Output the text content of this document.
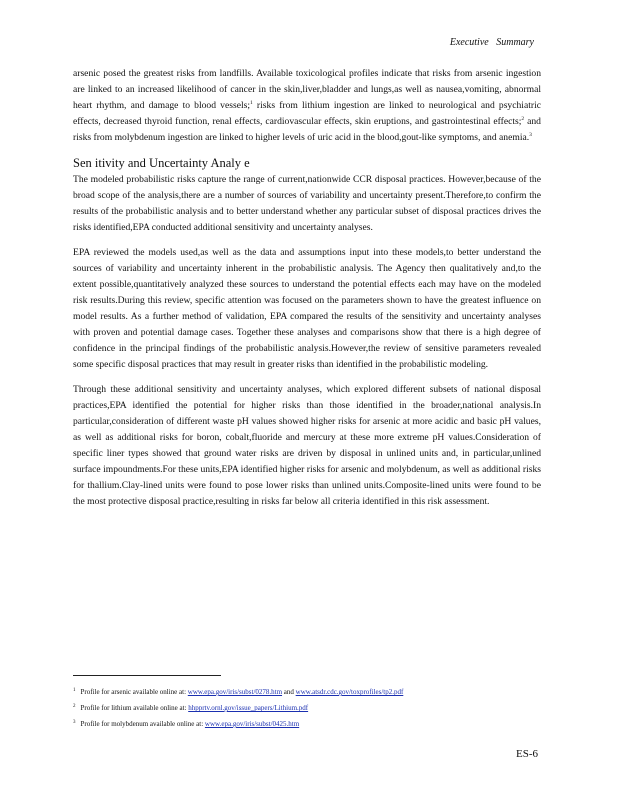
Executive Summary

arsenic posed the greatest risks from landfills. Available toxicological profiles indicate that risks from arsenic ingestion are linked to an increased likelihood of cancer in the skin,liver,bladder and lungs,as well as nausea,vomiting, abnormal heart rhythm, and damage to blood vessels;$^1$ risks from lithium ingestion are linked to neurological and psychiatric effects, decreased thyroid function, renal effects, cardiovascular effects, skin eruptions, and gastrointestinal effects;$^2$ and risks from molybdenum ingestion are linked to higher levels of uric acid in the blood,gout-like symptoms, and anemia.$^3$

Sen itivity and Uncertainty Analy e

The modeled probabilistic risks capture the range of current,nationwide CCR disposal practices. However,because of the broad scope of the analysis,there are a number of sources of variability and uncertainty present.Therefore,to confirm the results of the probabilistic analysis and to better understand whether any particular subset of disposal practices drives the risks identified,EPA conducted additional sensitivity and uncertainty analyses.

EPA reviewed the models used,as well as the data and assumptions input into these models,to better understand the sources of variability and uncertainty inherent in the probabilistic analysis. The Agency then qualitatively and,to the extent possible,quantitatively analyzed these sources to understand the potential effects each may have on the modeled risk results.During this review, specific attention was focused on the parameters shown to have the greatest influence on model results. As a further method of validation, EPA compared the results of the sensitivity and uncertainty analyses with proven and potential damage cases. Together these analyses and comparisons show that there is a high degree of confidence in the principal findings of the probabilistic analysis.However,the review of sensitive parameters revealed some specific disposal practices that may result in greater risks than identified in the probabilistic modeling.

Through these additional sensitivity and uncertainty analyses, which explored different subsets of national disposal practices,EPA identified the potential for higher risks than those identified in the broader,national analysis.In particular,consideration of different waste pH values showed higher risks for arsenic at more acidic and basic pH values, as well as additional risks for boron, cobalt,fluoride and mercury at these more extreme pH values.Consideration of specific liner types showed that ground water risks are driven by disposal in unlined units and, in particular,unlined surface impoundments.For these units,EPA identified higher risks for arsenic and molybdenum, as well as additional risks for thallium.Clay-lined units were found to pose lower risks than unlined units.Composite-lined units were found to be the most protective disposal practice,resulting in risks far below all criteria identified in this risk assessment.

$^1$ Profile for arsenic available online at: www.epa.gov/iris/subst/0278.htm and www.atsdr.cdc.gov/toxprofiles/tp2.pdf
$^2$ Profile for lithium available online at: hhpprtv.ornl.gov/issue_papers/Lithium.pdf
$^3$ Profile for molybdenum available online at: www.epa.gov/iris/subst/0425.htm
ES-6
